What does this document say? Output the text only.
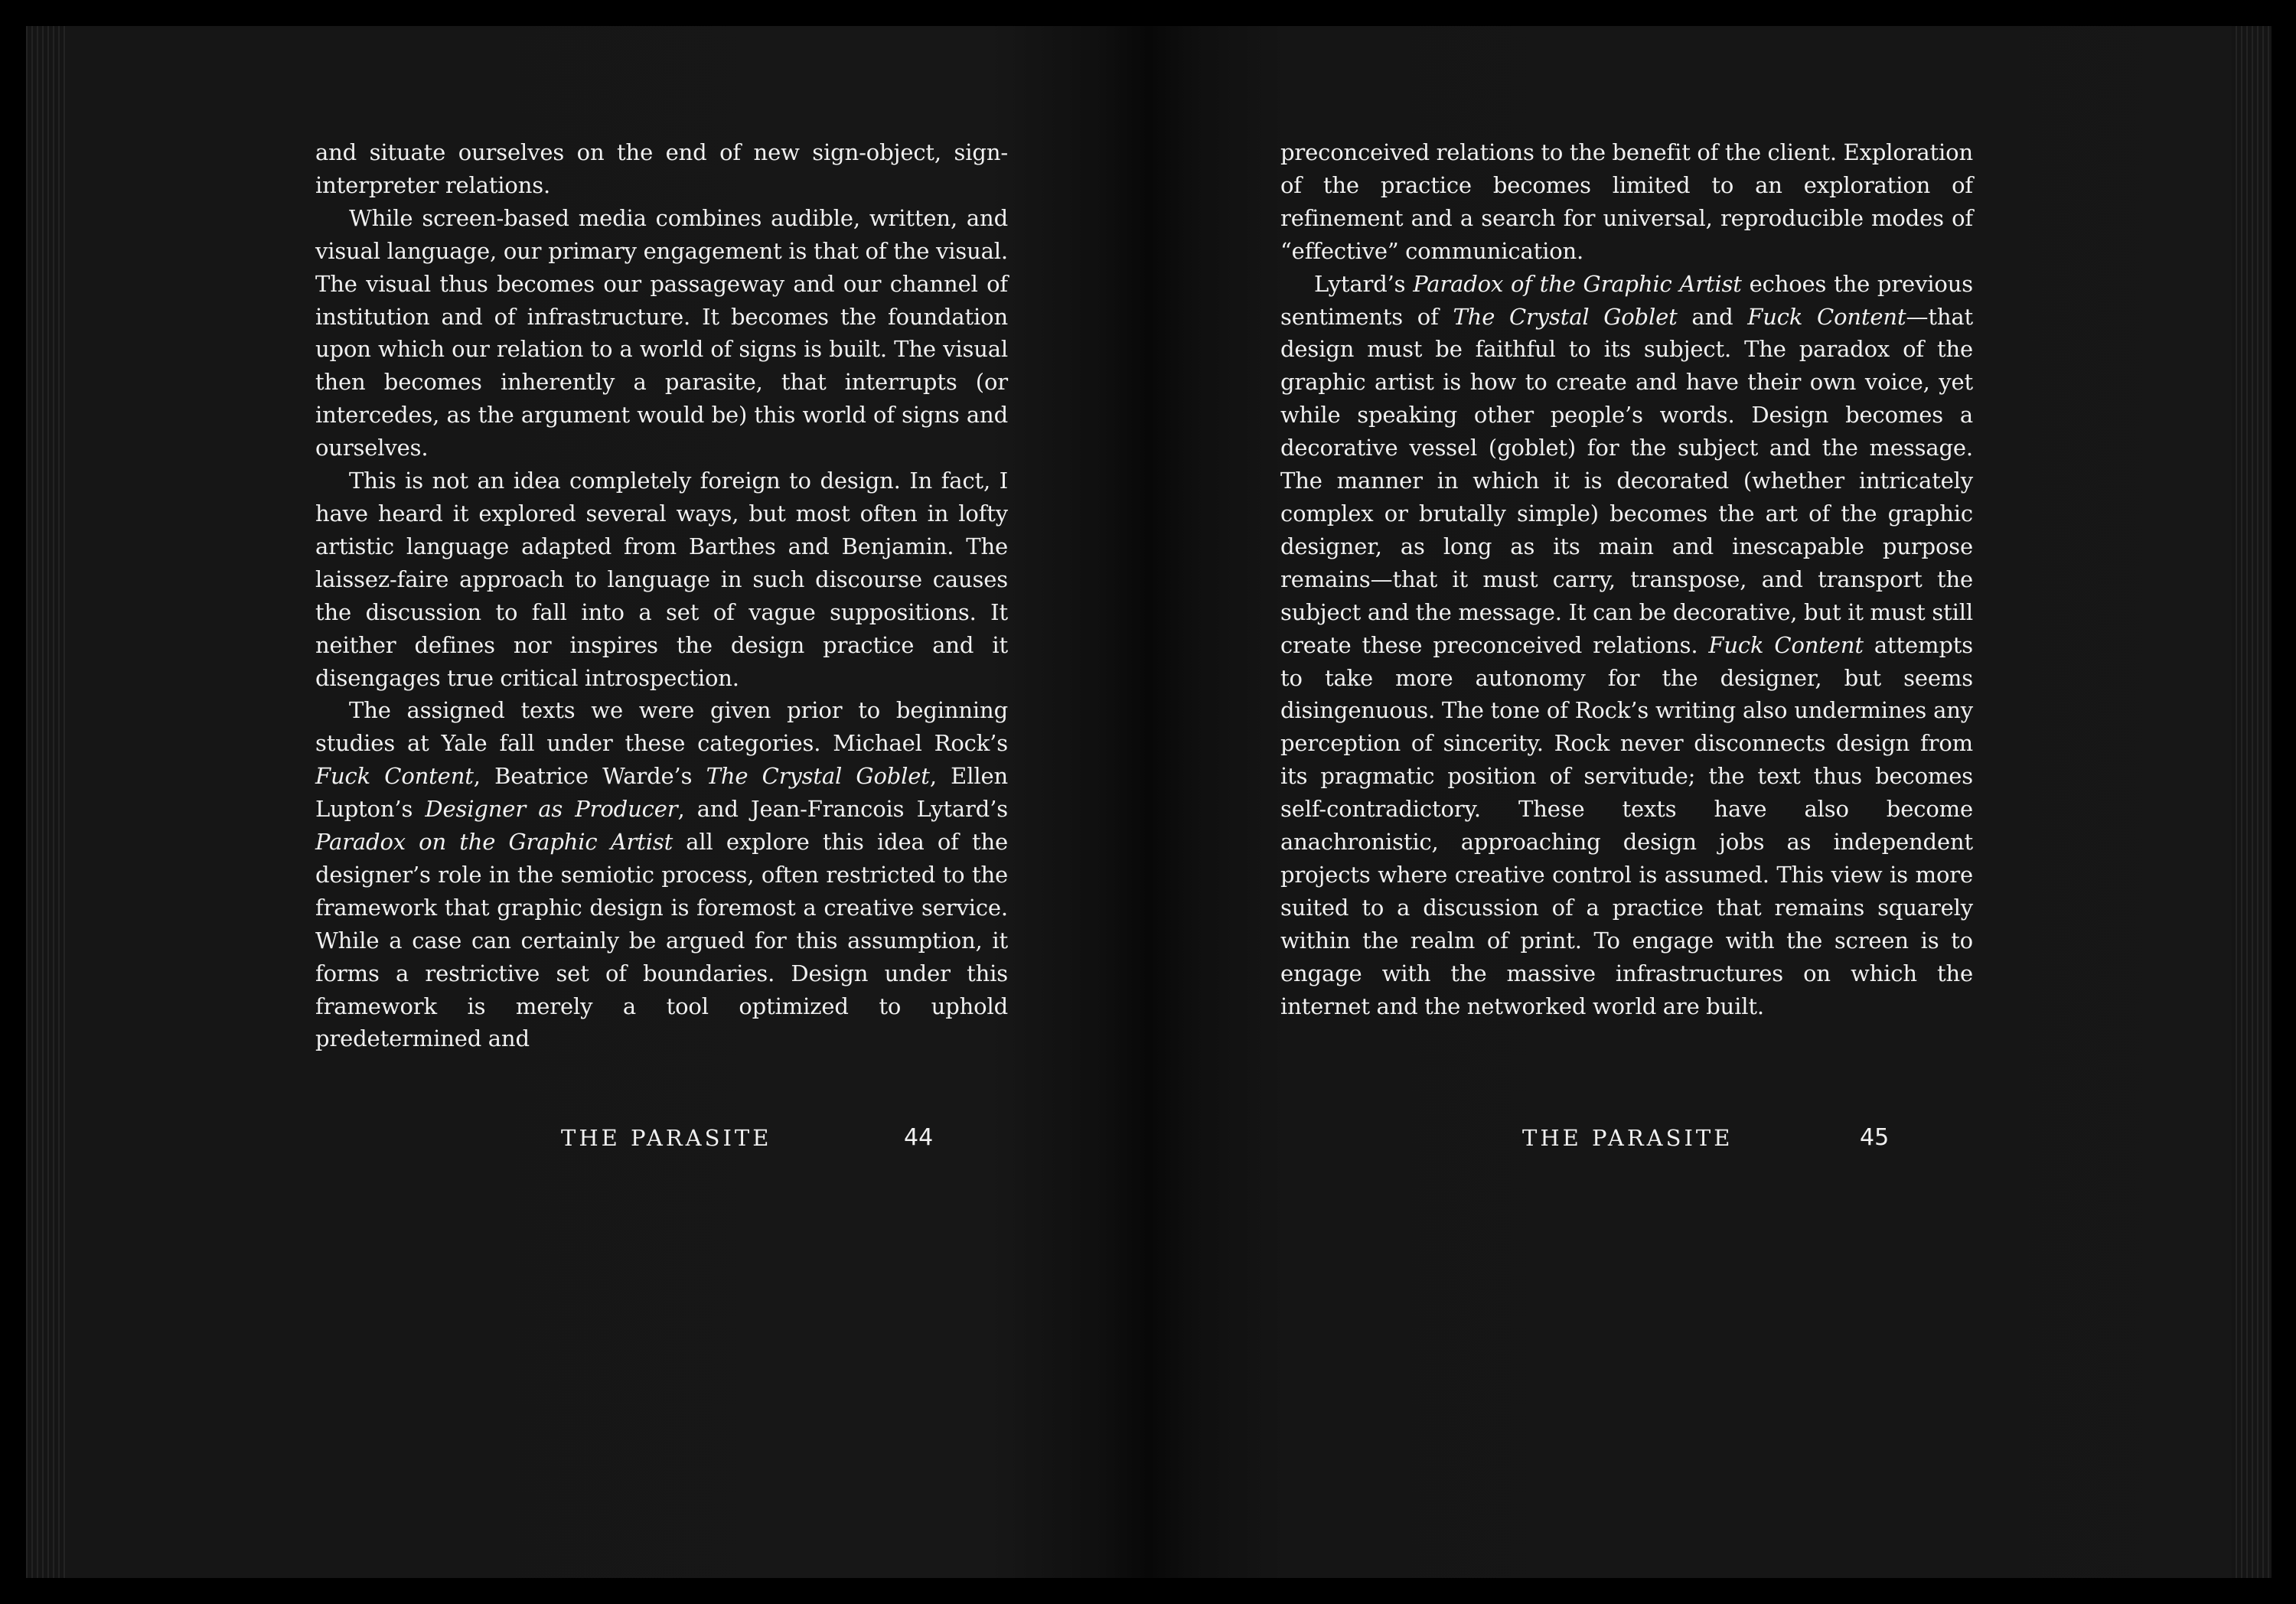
and situate ourselves on the end of new sign-object, sign-interpreter relations.

While screen-based media combines audible, written, and visual language, our primary engagement is that of the visual. The visual thus becomes our passageway and our channel of institution and of infrastructure. It becomes the foundation upon which our relation to a world of signs is built. The visual then becomes inherently a parasite, that interrupts (or intercedes, as the argument would be) this world of signs and ourselves.

This is not an idea completely foreign to design. In fact, I have heard it explored several ways, but most often in lofty artistic language adapted from Barthes and Benjamin. The laissez-faire approach to language in such discourse causes the discussion to fall into a set of vague suppositions. It neither defines nor inspires the design practice and it disengages true critical introspection.

The assigned texts we were given prior to beginning studies at Yale fall under these categories. Michael Rock’s Fuck Content, Beatrice Warde’s The Crystal Goblet, Ellen Lupton’s Designer as Producer, and Jean-Francois Lytard’s Paradox on the Graphic Artist all explore this idea of the designer’s role in the semiotic process, often restricted to the framework that graphic design is foremost a creative service. While a case can certainly be argued for this assumption, it forms a restrictive set of boundaries. Design under this framework is merely a tool optimized to uphold predetermined and

THE PARASITE	44

preconceived relations to the benefit of the client. Exploration of the practice becomes limited to an exploration of refinement and a search for universal, reproducible modes of “effective” communication.

Lytard’s Paradox of the Graphic Artist echoes the previous sentiments of The Crystal Goblet and Fuck Content—that design must be faithful to its subject. The paradox of the graphic artist is how to create and have their own voice, yet while speaking other people’s words. Design becomes a decorative vessel (goblet) for the subject and the message. The manner in which it is decorated (whether intricately complex or brutally simple) becomes the art of the graphic designer, as long as its main and inescapable purpose remains—that it must carry, transpose, and transport the subject and the message. It can be decorative, but it must still create these preconceived relations. Fuck Content attempts to take more autonomy for the designer, but seems disingenuous. The tone of Rock’s writing also undermines any perception of sincerity. Rock never disconnects design from its pragmatic position of servitude; the text thus becomes self-contradictory. These texts have also become anachronistic, approaching design jobs as independent projects where creative control is assumed. This view is more suited to a discussion of a practice that remains squarely within the realm of print. To engage with the screen is to engage with the massive infrastructures on which the internet and the networked world are built.

THE PARASITE	45
